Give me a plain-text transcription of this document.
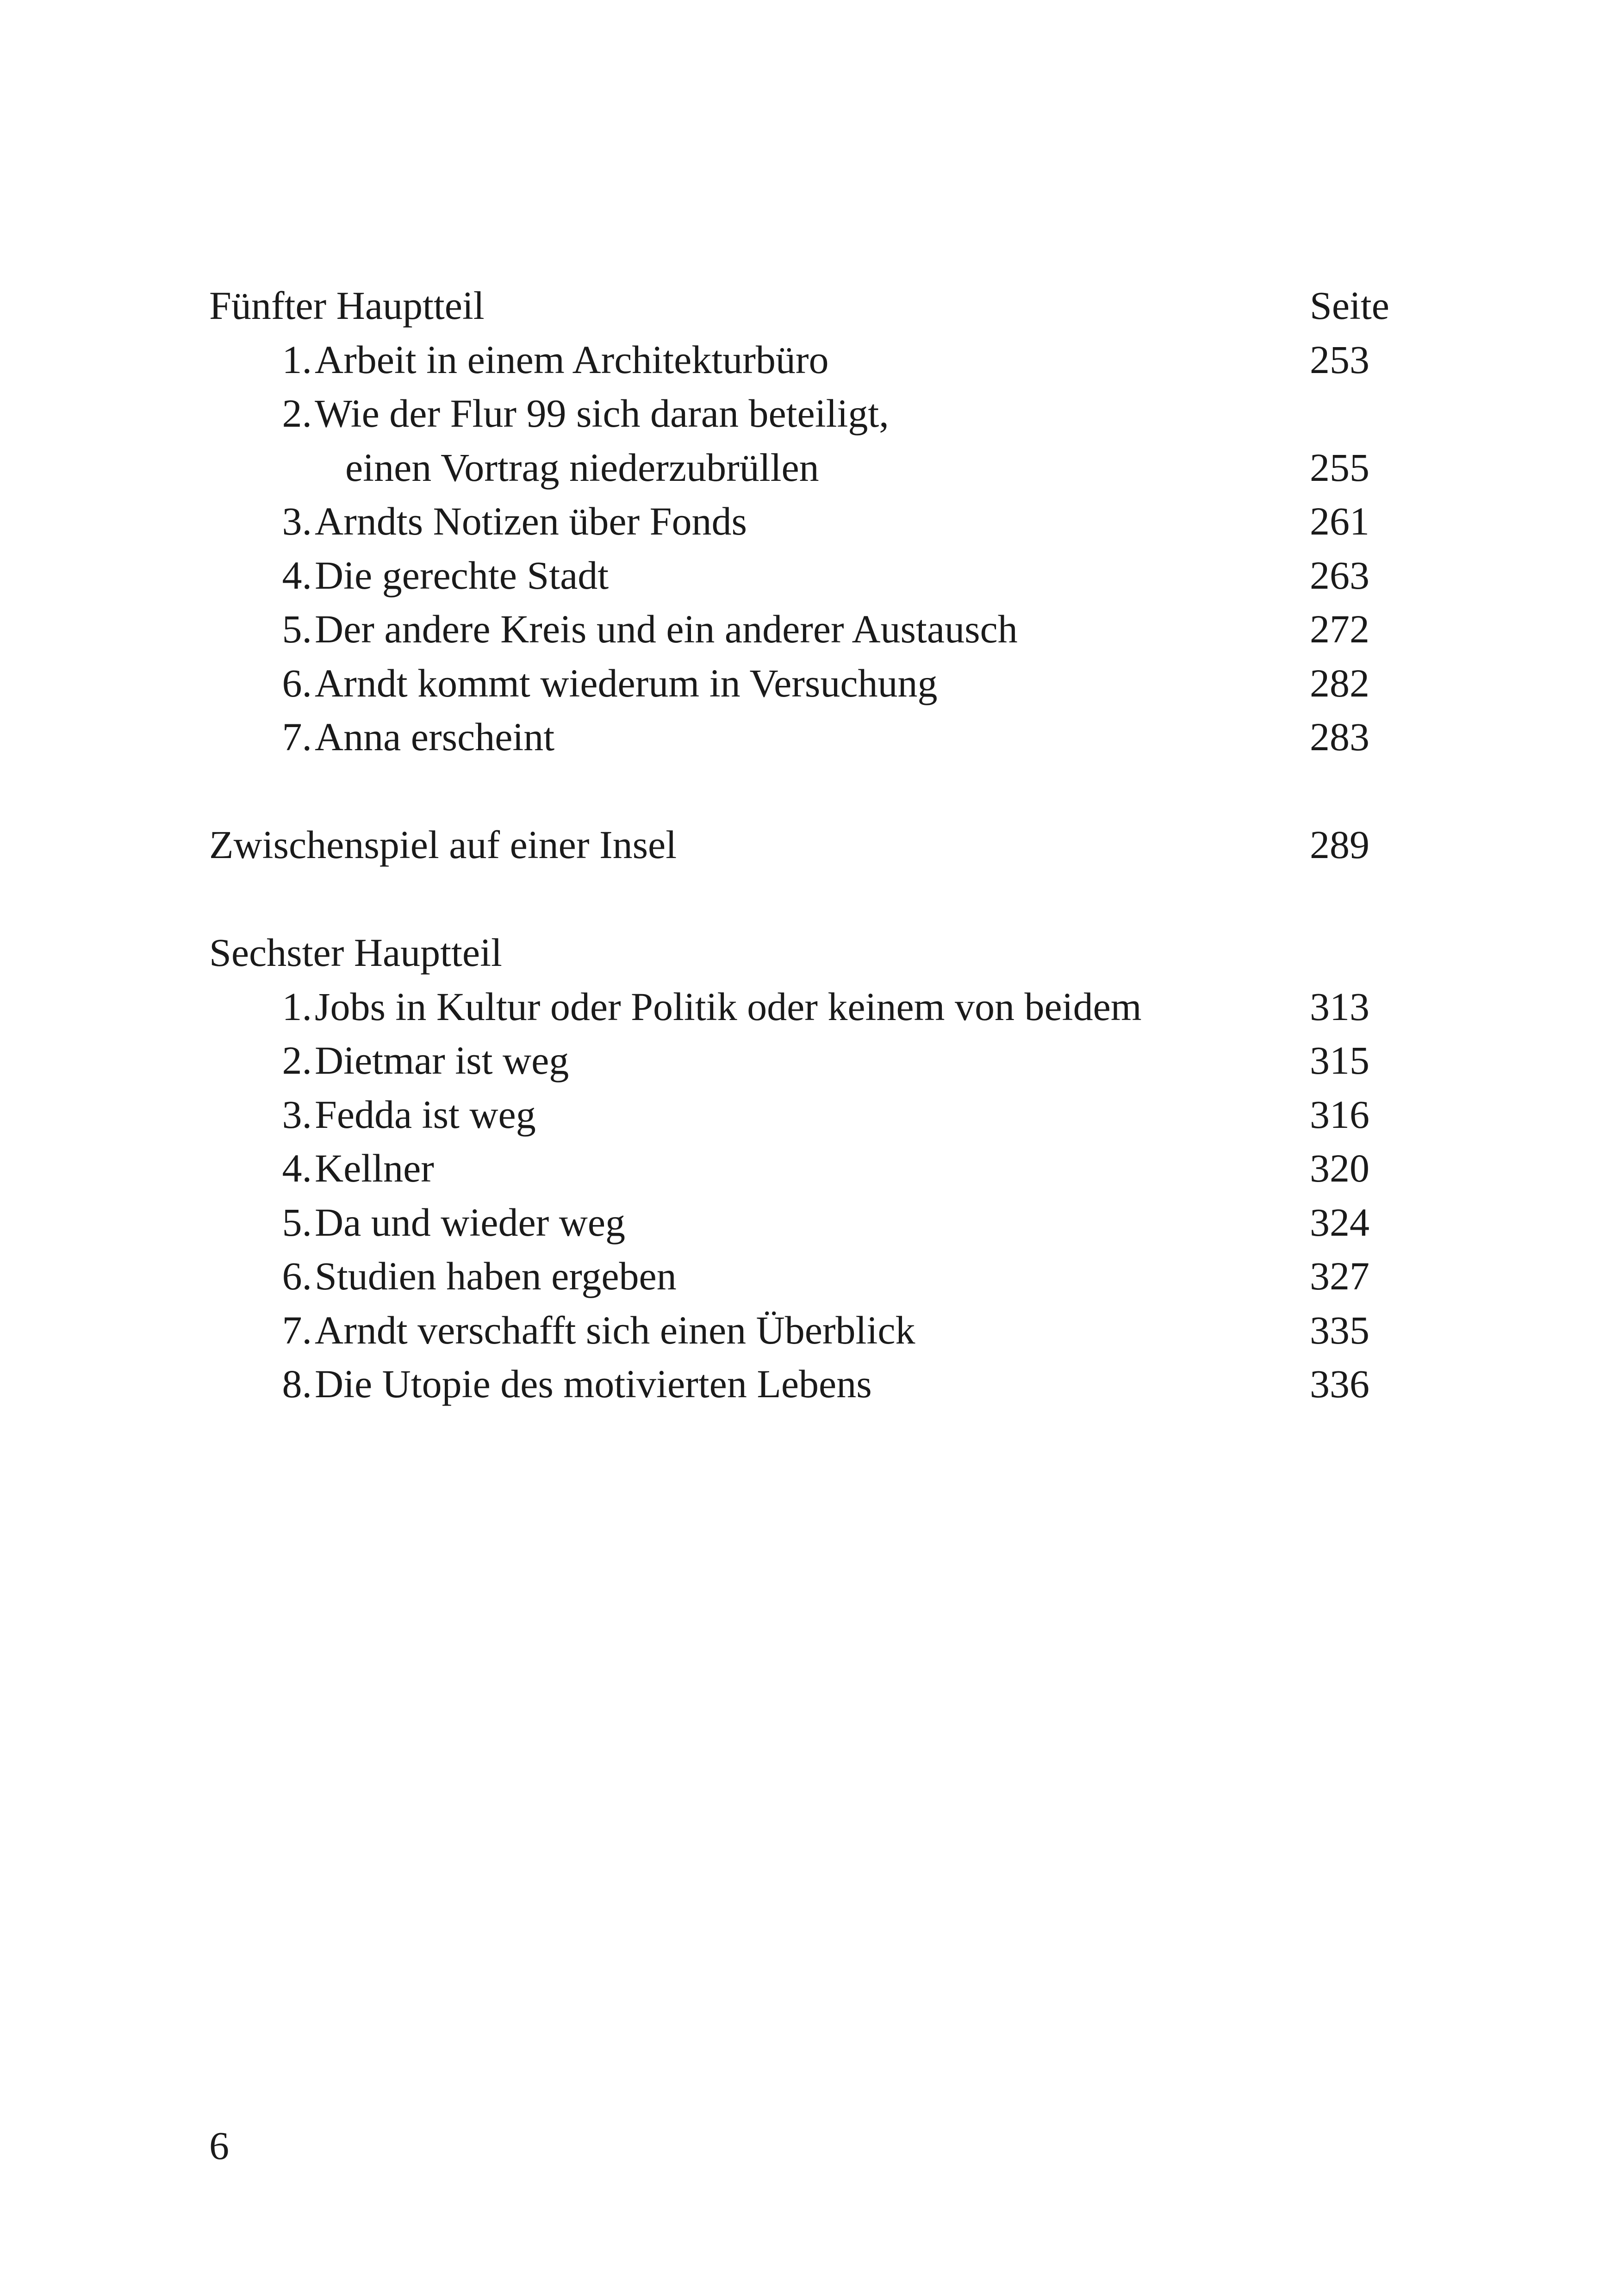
Fünfter Hauptteil	Seite
1. Arbeit in einem Architekturbüro	253
2. Wie der Flur 99 sich daran beteiligt,
einen Vortrag niederzubrüllen	255
3. Arndts Notizen über Fonds	261
4. Die gerechte Stadt	263
5. Der andere Kreis und ein anderer Austausch	272
6. Arndt kommt wiederum in Versuchung	282
7. Anna erscheint	283
Zwischenspiel auf einer Insel	289
Sechster Hauptteil
1. Jobs in Kultur oder Politik oder keinem von beidem	313
2. Dietmar ist weg	315
3. Fedda ist weg	316
4. Kellner	320
5. Da und wieder weg	324
6. Studien haben ergeben	327
7. Arndt verschafft sich einen Überblick	335
8. Die Utopie des motivierten Lebens	336
6
